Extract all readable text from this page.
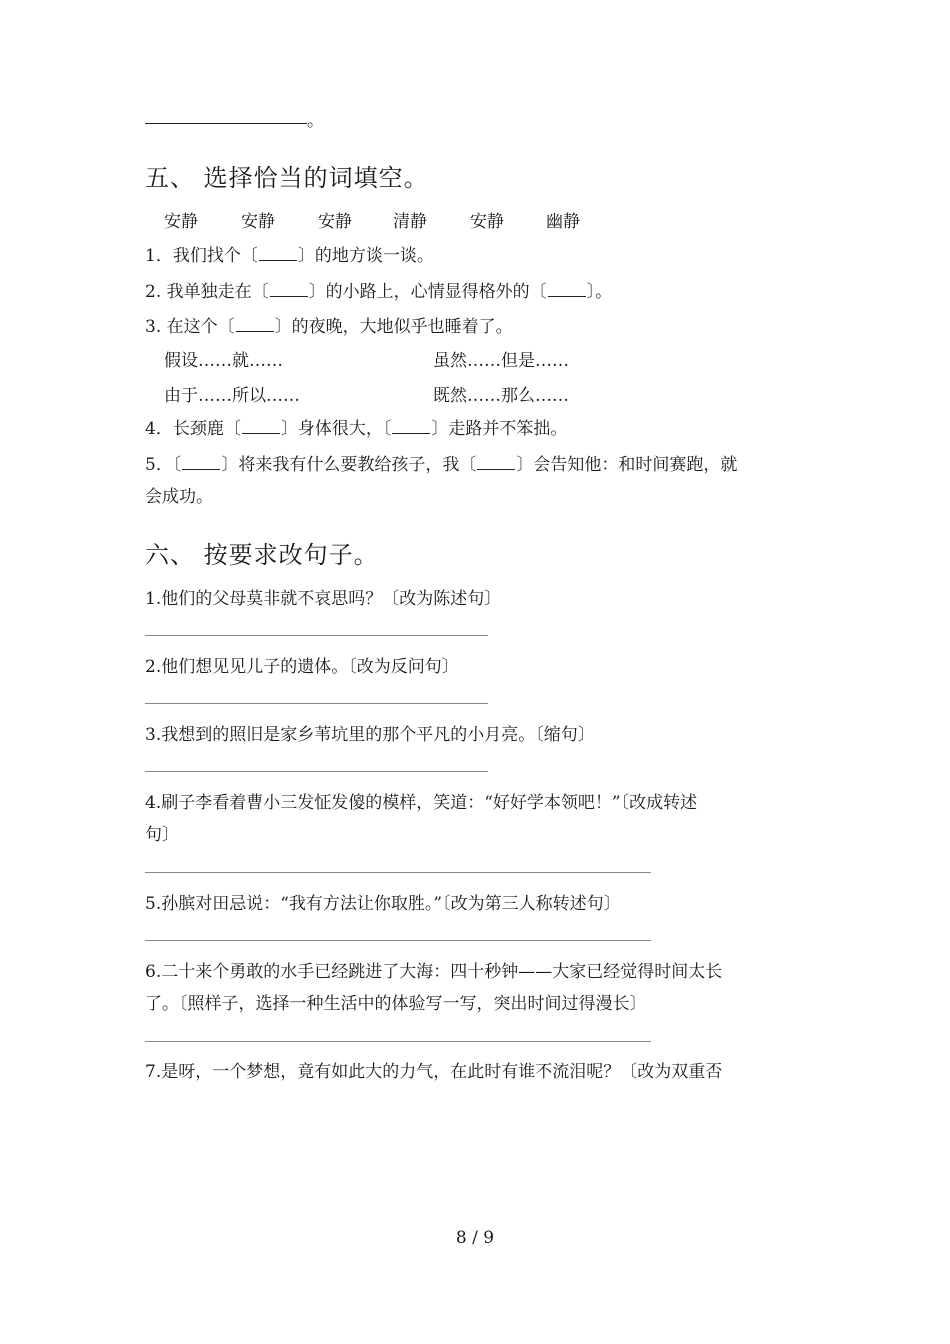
。
五、 选择恰当的词填空。
安静	安静	安静 清静	安静 幽静
1．我们找个〔 〕的地方谈一谈。
2. 我单独走在〔 〕的小路上，心情显得格外的〔 〕。
3. 在这个〔 〕的夜晚，大地似乎也睡着了。
假设……就……	虽然……但是……
由于……所以……	既然……那么……
4．长颈鹿〔 〕身体很大，〔 〕走路并不笨拙。
5．〔 〕将来我有什么要教给孩子，我〔 〕会告知他：和时间赛跑，就
会成功。
六、 按要求改句子。
1.他们的父母莫非就不哀思吗？〔改为陈述句〕
2.他们想见见儿子的遗体。〔改为反问句〕
3.我想到的照旧是家乡苇坑里的那个平凡的小月亮。〔缩句〕
4.刷子李看着曹小三发怔发傻的模样，笑道：“好好学本领吧！”〔改成转述
句〕
5.孙膑对田忌说：“我有方法让你取胜。”〔改为第三人称转述句〕
6.二十来个勇敢的水手已经跳进了大海：四十秒钟——大家已经觉得时间太长
了。〔照样子，选择一种生活中的体验写一写，突出时间过得漫长〕
7.是呀，一个梦想，竟有如此大的力气，在此时有谁不流泪呢？〔改为双重否
8 / 9
